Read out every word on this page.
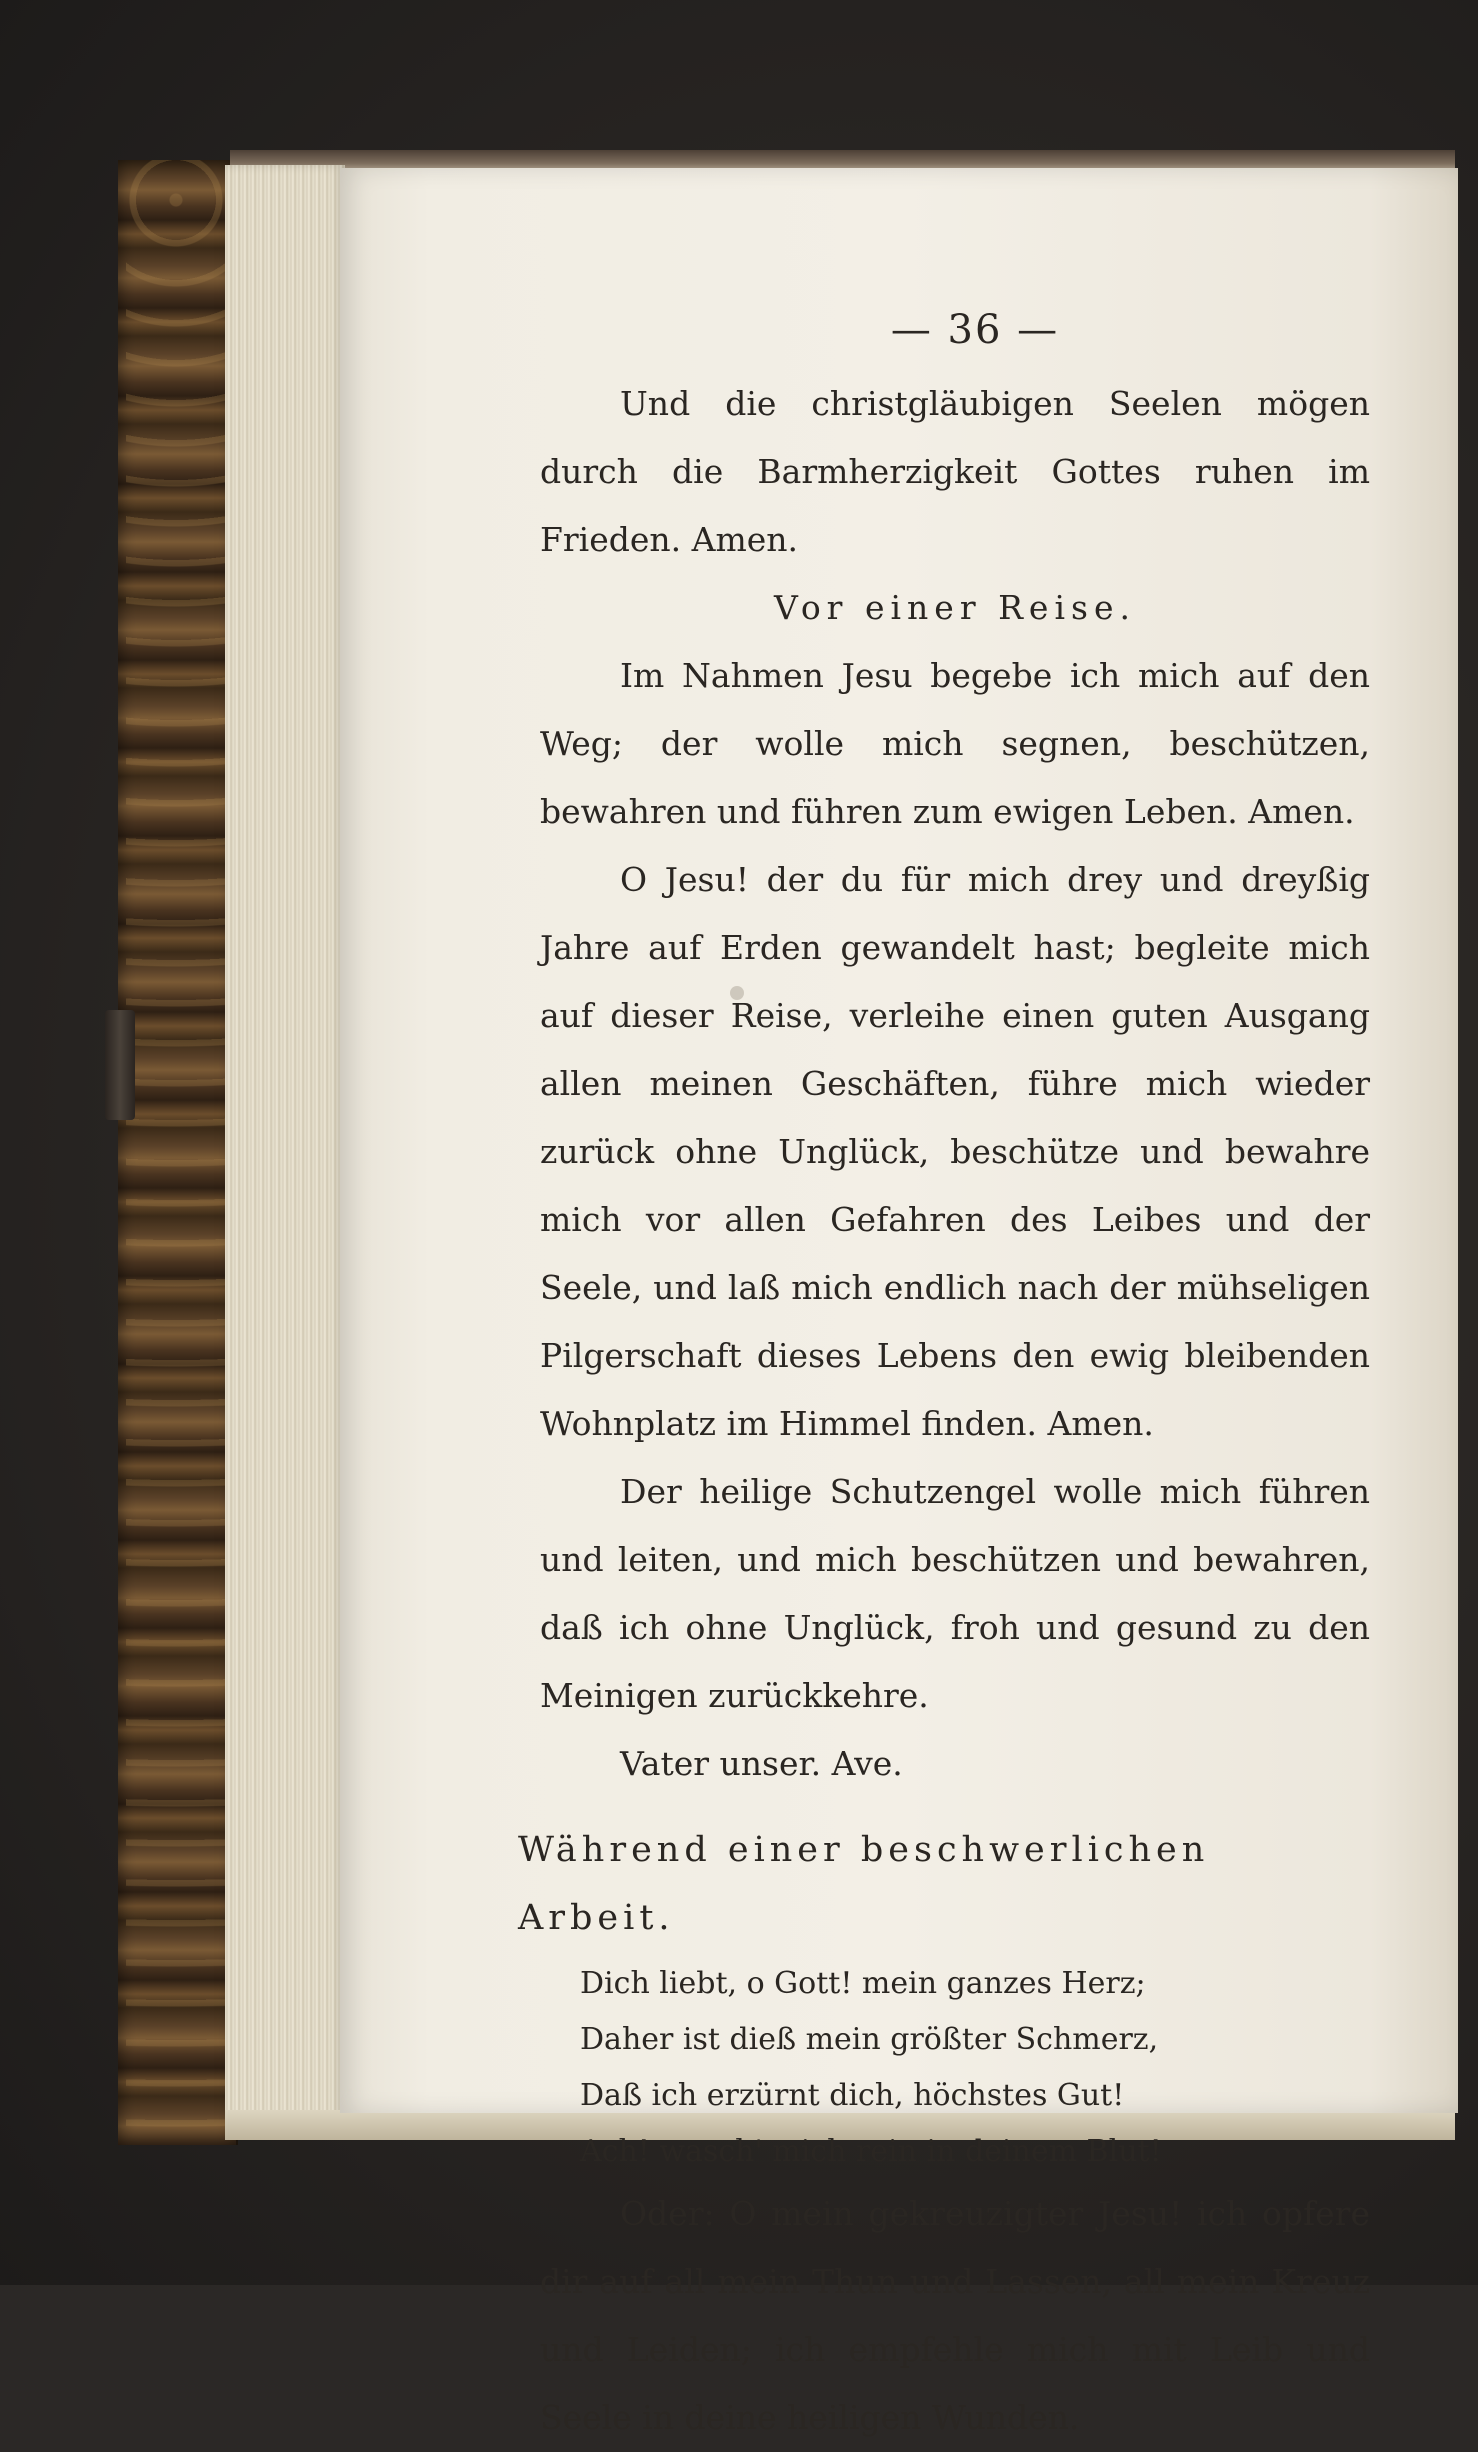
— 36 —

Und die christgläubigen Seelen mögen durch die Barmherzigkeit Gottes ruhen im Frieden. Amen.

Vor einer Reise.

Im Nahmen Jesu begebe ich mich auf den Weg; der wolle mich segnen, beschützen, bewahren und führen zum ewigen Leben. Amen.

O Jesu! der du für mich drey und dreyßig Jahre auf Erden gewandelt hast; begleite mich auf dieser Reise, verleihe einen guten Ausgang allen meinen Geschäften, führe mich wieder zurück ohne Unglück, beschütze und bewahre mich vor allen Gefahren des Leibes und der Seele, und laß mich endlich nach der mühseligen Pilgerschaft dieses Lebens den ewig bleibenden Wohnplatz im Himmel finden. Amen.

Der heilige Schutzengel wolle mich führen und leiten, und mich beschützen und bewahren, daß ich ohne Unglück, froh und gesund zu den Meinigen zurückkehre.

Vater unser. Ave.

Während einer beschwerlichen Arbeit.

Dich liebt, o Gott! mein ganzes Herz;
Daher ist dieß mein größter Schmerz,
Daß ich erzürnt dich, höchstes Gut!
Ach! wasch' mich rein in deinem Blut!

Oder: O mein gekreuzigter Jesu! ich opfere dir auf all mein Thun und Lassen, all mein Kreuz und Leiden; ich empfehle mich mit Leib und Seele in deine heiligen Wunden.
